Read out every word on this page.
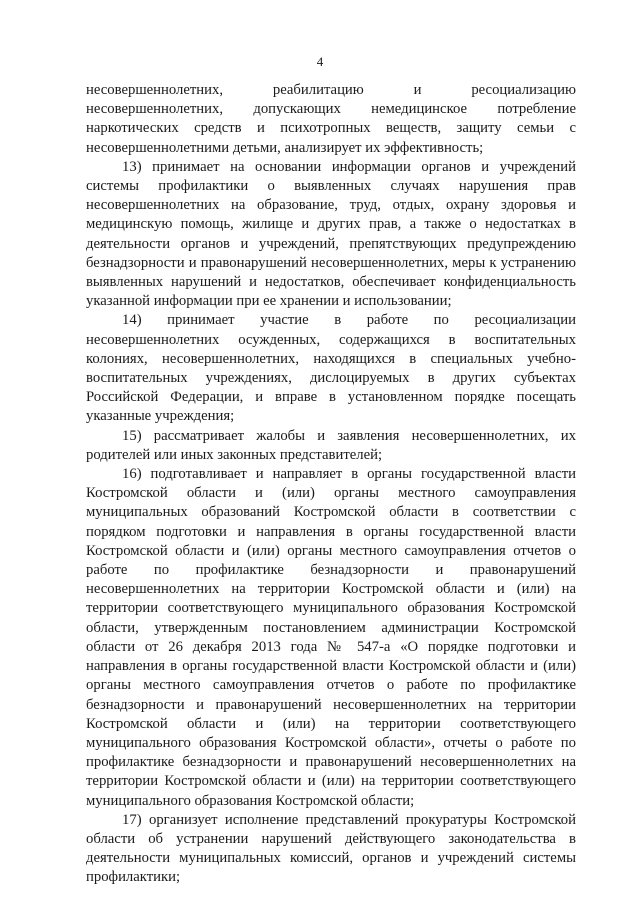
4

несовершеннолетних, реабилитацию и ресоциализацию несовершеннолетних, допускающих немедицинское потребление наркотических средств и психотропных веществ, защиту семьи с несовершеннолетними детьми, анализирует их эффективность;

13) принимает на основании информации органов и учреждений системы профилактики о выявленных случаях нарушения прав несовершеннолетних на образование, труд, отдых, охрану здоровья и медицинскую помощь, жилище и других прав, а также о недостатках в деятельности органов и учреждений, препятствующих предупреждению безнадзорности и правонарушений несовершеннолетних, меры к устранению выявленных нарушений и недостатков, обеспечивает конфиденциальность указанной информации при ее хранении и использовании;

14) принимает участие в работе по ресоциализации несовершеннолетних осужденных, содержащихся в воспитательных колониях, несовершеннолетних, находящихся в специальных учебно-воспитательных учреждениях, дислоцируемых в других субъектах Российской Федерации, и вправе в установленном порядке посещать указанные учреждения;

15) рассматривает жалобы и заявления несовершеннолетних, их родителей или иных законных представителей;

16) подготавливает и направляет в органы государственной власти Костромской области и (или) органы местного самоуправления муниципальных образований Костромской области в соответствии с порядком подготовки и направления в органы государственной власти Костромской области и (или) органы местного самоуправления отчетов о работе по профилактике безнадзорности и правонарушений несовершеннолетних на территории Костромской области и (или) на территории соответствующего муниципального образования Костромской области, утвержденным постановлением администрации Костромской области от 26 декабря 2013 года № 547-а «О порядке подготовки и направления в органы государственной власти Костромской области и (или) органы местного самоуправления отчетов о работе по профилактике безнадзорности и правонарушений несовершеннолетних на территории Костромской области и (или) на территории соответствующего муниципального образования Костромской области», отчеты о работе по профилактике безнадзорности и правонарушений несовершеннолетних на территории Костромской области и (или) на территории соответствующего муниципального образования Костромской области;

17) организует исполнение представлений прокуратуры Костромской области об устранении нарушений действующего законодательства в деятельности муниципальных комиссий, органов и учреждений системы профилактики;
